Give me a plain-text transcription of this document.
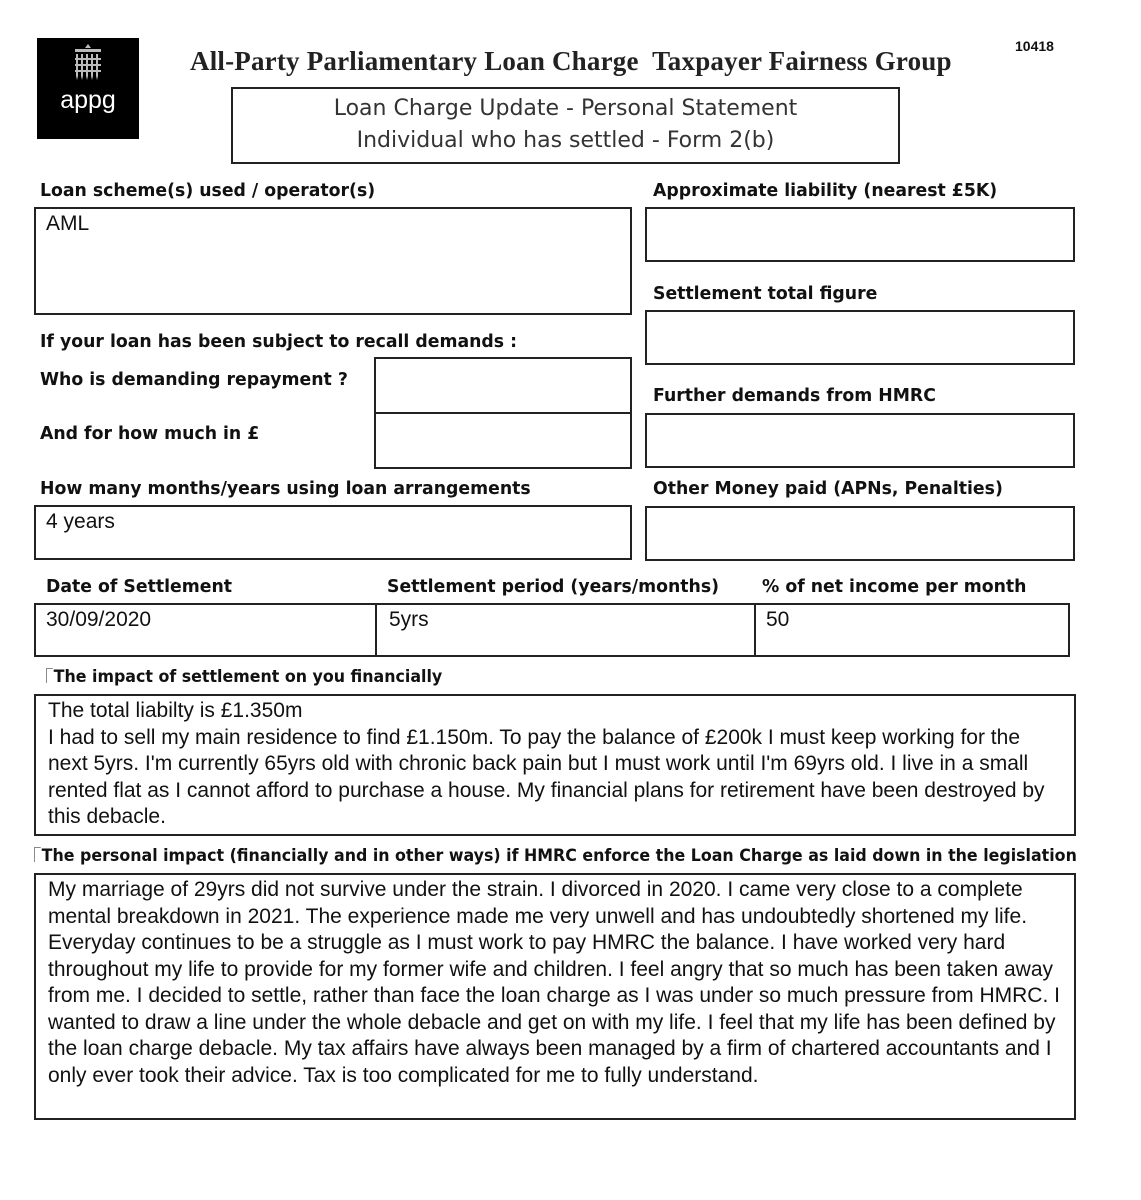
appg
All-Party Parliamentary Loan Charge  Taxpayer Fairness Group	10418
Loan Charge Update - Personal Statement
Individual who has settled - Form 2(b)
Loan scheme(s) used / operator(s)
AML
Approximate liability (nearest £5K)
Settlement total figure
If your loan has been subject to recall demands :
Who is demanding repayment ?
And for how much in £
Further demands from HMRC
How many months/years using loan arrangements
4 years
Other Money paid (APNs, Penalties)
Date of Settlement	Settlement period (years/months) % of net income per month
30/09/2020	5yrs	50
The impact of settlement on you financially
The total liabilty is £1.350m
I had to sell my main residence to find £1.150m. To pay the balance of £200k I must keep working for the next 5yrs. I'm currently 65yrs old with chronic back pain but I must work until I'm 69yrs old. I live in a small rented flat as I cannot afford to purchase a house. My financial plans for retirement have been destroyed by this debacle.
The personal impact (financially and in other ways) if HMRC enforce the Loan Charge as laid down in the legislation
My marriage of 29yrs did not survive under the strain. I divorced in 2020. I came very close to a complete mental breakdown in 2021. The experience made me very unwell and has undoubtedly shortened my life. Everyday continues to be a struggle as I must work to pay HMRC the balance. I have worked very hard throughout my life to provide for my former wife and children. I feel angry that so much has been taken away from me. I decided to settle, rather than face the loan charge as I was under so much pressure from HMRC. I wanted to draw a line under the whole debacle and get on with my life. I feel that my life has been defined by the loan charge debacle. My tax affairs have always been managed by a firm of chartered accountants and I only ever took their advice. Tax is too complicated for me to fully understand.
